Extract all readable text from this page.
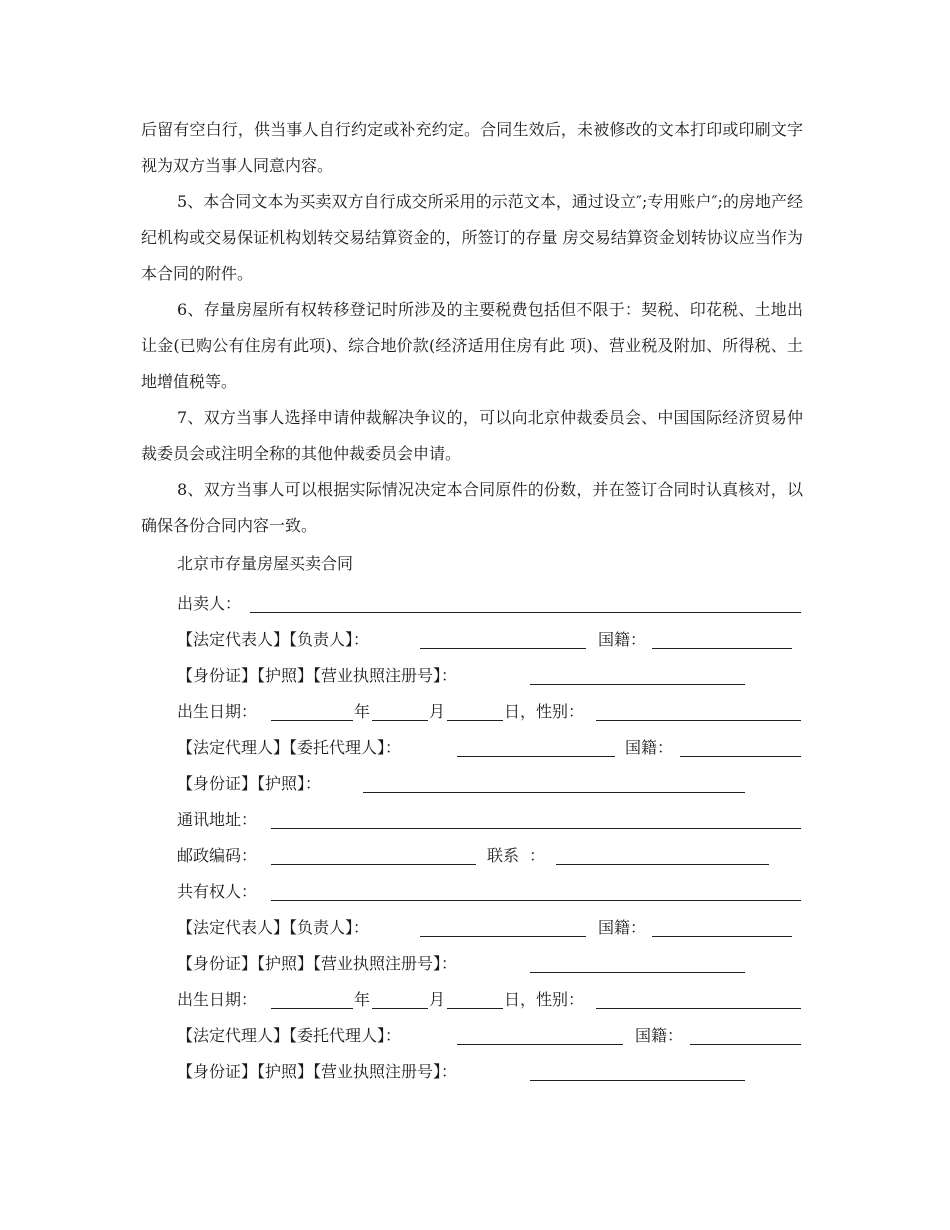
后留有空白行，供当事人自行约定或补充约定。合同生效后，未被修改的文本打印或印刷文字视为双方当事人同意内容。

5、本合同文本为买卖双方自行成交所采用的示范文本，通过设立″;专用账户″;的房地产经纪机构或交易保证机构划转交易结算资金的，所签订的存量 房交易结算资金划转协议应当作为本合同的附件。

6、存量房屋所有权转移登记时所涉及的主要税费包括但不限于：契税、印花税、土地出让金(已购公有住房有此项)、综合地价款(经济适用住房有此 项)、营业税及附加、所得税、土地增值税等。

7、双方当事人选择申请仲裁解决争议的，可以向北京仲裁委员会、中国国际经济贸易仲裁委员会或注明全称的其他仲裁委员会申请。

8、双方当事人可以根据实际情况决定本合同原件的份数，并在签订合同时认真核对，以确保各份合同内容一致。

北京市存量房屋买卖合同
出卖人：
【法定代表人】【负责人】：	国籍：
【身份证】【护照】【营业执照注册号】：
出生日期：	年	月	日，性别：
【法定代理人】【委托代理人】：	国籍：
【身份证】【护照】：
通讯地址：
邮政编码：	联系  ：
共有权人：
【法定代表人】【负责人】：	国籍：
【身份证】【护照】【营业执照注册号】：
出生日期：	年	月	日，性别：
【法定代理人】【委托代理人】：	国籍：
【身份证】【护照】【营业执照注册号】：
